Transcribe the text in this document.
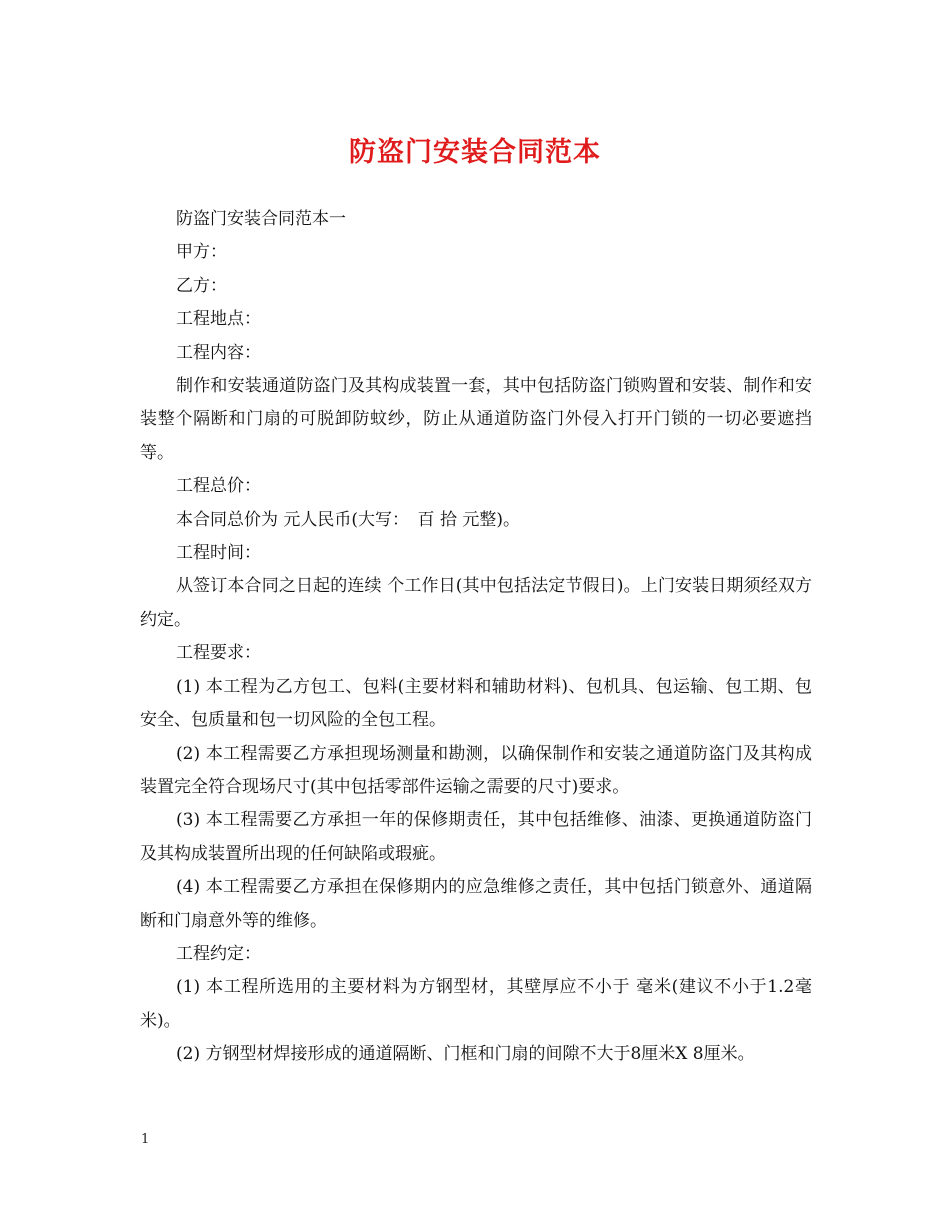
防盗门安装合同范本

防盗门安装合同范本一

甲方：

乙方：

工程地点：

工程内容：

制作和安装通道防盗门及其构成装置一套，其中包括防盗门锁购置和安装、制作和安装整个隔断和门扇的可脱卸防蚊纱，防止从通道防盗门外侵入打开门锁的一切必要遮挡等。

工程总价：

本合同总价为 元人民币(大写：　百 拾 元整)。

工程时间：

从签订本合同之日起的连续 个工作日(其中包括法定节假日)。上门安装日期须经双方约定。

工程要求：

(1) 本工程为乙方包工、包料(主要材料和辅助材料)、包机具、包运输、包工期、包安全、包质量和包一切风险的全包工程。

(2) 本工程需要乙方承担现场测量和勘测，以确保制作和安装之通道防盗门及其构成装置完全符合现场尺寸(其中包括零部件运输之需要的尺寸)要求。

(3) 本工程需要乙方承担一年的保修期责任，其中包括维修、油漆、更换通道防盗门及其构成装置所出现的任何缺陷或瑕疵。

(4) 本工程需要乙方承担在保修期内的应急维修之责任，其中包括门锁意外、通道隔断和门扇意外等的维修。

工程约定：

(1) 本工程所选用的主要材料为方钢型材，其壁厚应不小于 毫米(建议不小于1.2毫米)。

(2) 方钢型材焊接形成的通道隔断、门框和门扇的间隙不大于8厘米X 8厘米。

1
